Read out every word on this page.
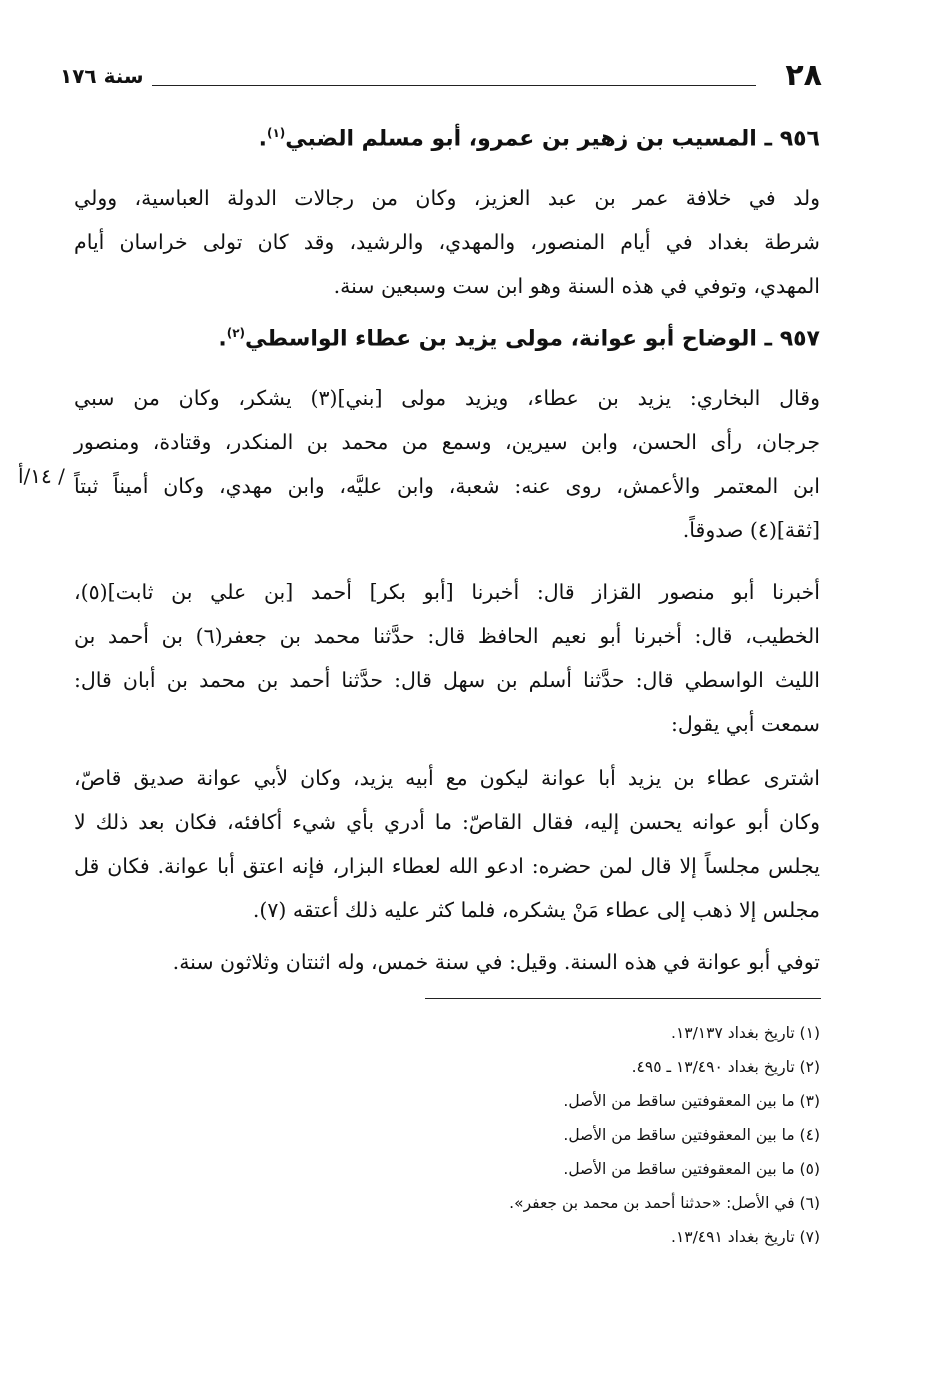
٢٨
سنة ١٧٦
٩٥٦ ـ المسيب بن زهير بن عمرو، أبو مسلم الضبي$^{(١)}$.
ولد في خلافة عمر بن عبد العزيز، وكان من رجالات الدولة العباسية، وولي
شرطة بغداد في أيام المنصور، والمهدي، والرشيد، وقد كان تولى خراسان أيام
المهدي، وتوفي في هذه السنة وهو ابن ست وسبعين سنة.
٩٥٧ ـ الوضاح أبو عوانة، مولى يزيد بن عطاء الواسطي$^{(٢)}$.
وقال البخاري: يزيد بن عطاء، ويزيد مولى [بني](٣) يشكر، وكان من سبي
جرجان، رأى الحسن، وابن سيرين، وسمع من محمد بن المنكدر، وقتادة، ومنصور
ابن المعتمر والأعمش، روى عنه: شعبة، وابن عليَّه، وابن مهدي، وكان أميناً ثبتاً
[ثقة](٤) صدوقاً.
١٤/أ /
أخبرنا أبو منصور القزاز قال: أخبرنا [أبو بكر] أحمد [بن علي بن ثابت](٥)،
الخطيب، قال: أخبرنا أبو نعيم الحافظ قال: حدَّثنا محمد بن جعفر(٦) بن أحمد بن
الليث الواسطي قال: حدَّثنا أسلم بن سهل قال: حدَّثنا أحمد بن محمد بن أبان قال:
سمعت أبي يقول:
اشترى عطاء بن يزيد أبا عوانة ليكون مع أبيه يزيد، وكان لأبي عوانة صديق قاصّ،
وكان أبو عوانه يحسن إليه، فقال القاصّ: ما أدري بأي شيء أكافئه، فكان بعد ذلك لا
يجلس مجلساً إلا قال لمن حضره: ادعو الله لعطاء البزار، فإنه اعتق أبا عوانة. فكان قل
مجلس إلا ذهب إلى عطاء مَنْ يشكره، فلما كثر عليه ذلك أعتقه (٧).
توفي أبو عوانة في هذه السنة. وقيل: في سنة خمس، وله اثنتان وثلاثون سنة.
(١) تاريخ بغداد ١٣/١٣٧.
(٢) تاريخ بغداد ١٣/٤٩٠ ـ ٤٩٥.
(٣) ما بين المعقوفتين ساقط من الأصل.
(٤) ما بين المعقوفتين ساقط من الأصل.
(٥) ما بين المعقوفتين ساقط من الأصل.
(٦) في الأصل: «حدثنا أحمد بن محمد بن جعفر».
(٧) تاريخ بغداد ١٣/٤٩١.
